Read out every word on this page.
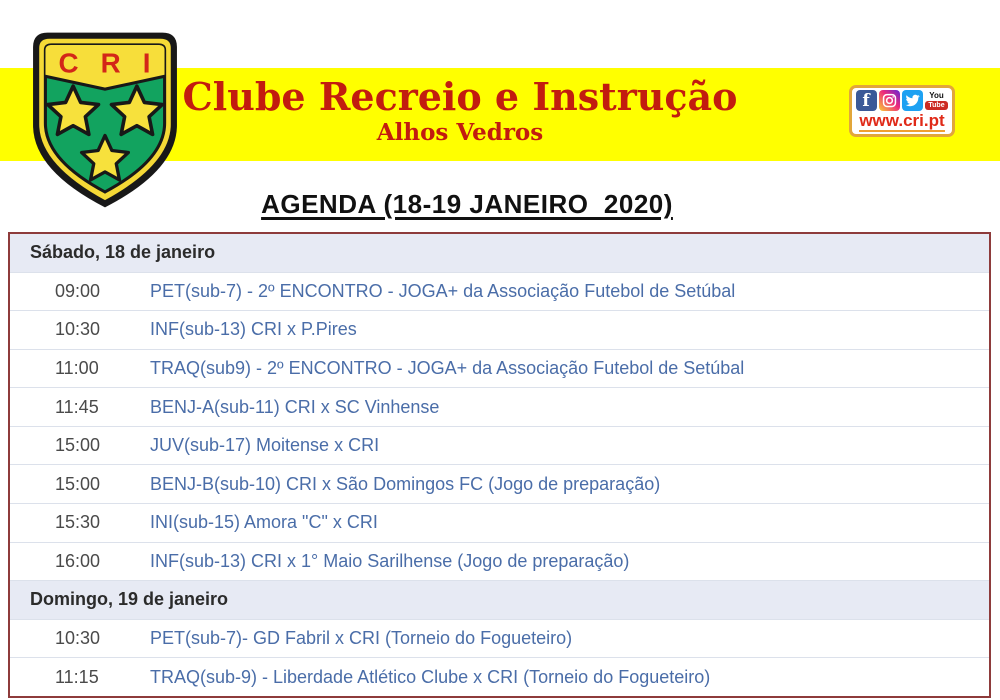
C R I
Clube Recreio e Instrução
Alhos Vedros
f	You
Tube
www.cri.pt
AGENDA (18-19 JANEIRO  2020)
Sábado, 18 de janeiro
09:00	PET(sub-7) - 2º ENCONTRO - JOGA+ da Associação Futebol de Setúbal
10:30	INF(sub-13) CRI x P.Pires
11:00	TRAQ(sub9) - 2º ENCONTRO - JOGA+ da Associação Futebol de Setúbal
11:45	BENJ-A(sub-11) CRI x SC Vinhense
15:00	JUV(sub-17) Moitense x CRI
15:00	BENJ-B(sub-10) CRI x São Domingos FC (Jogo de preparação)
15:30	INI(sub-15) Amora "C" x CRI
16:00	INF(sub-13) CRI x 1° Maio Sarilhense (Jogo de preparação)
Domingo, 19 de janeiro
10:30	PET(sub-7)- GD Fabril x CRI (Torneio do Fogueteiro)
11:15	TRAQ(sub-9) - Liberdade Atlético Clube x CRI (Torneio do Fogueteiro)
